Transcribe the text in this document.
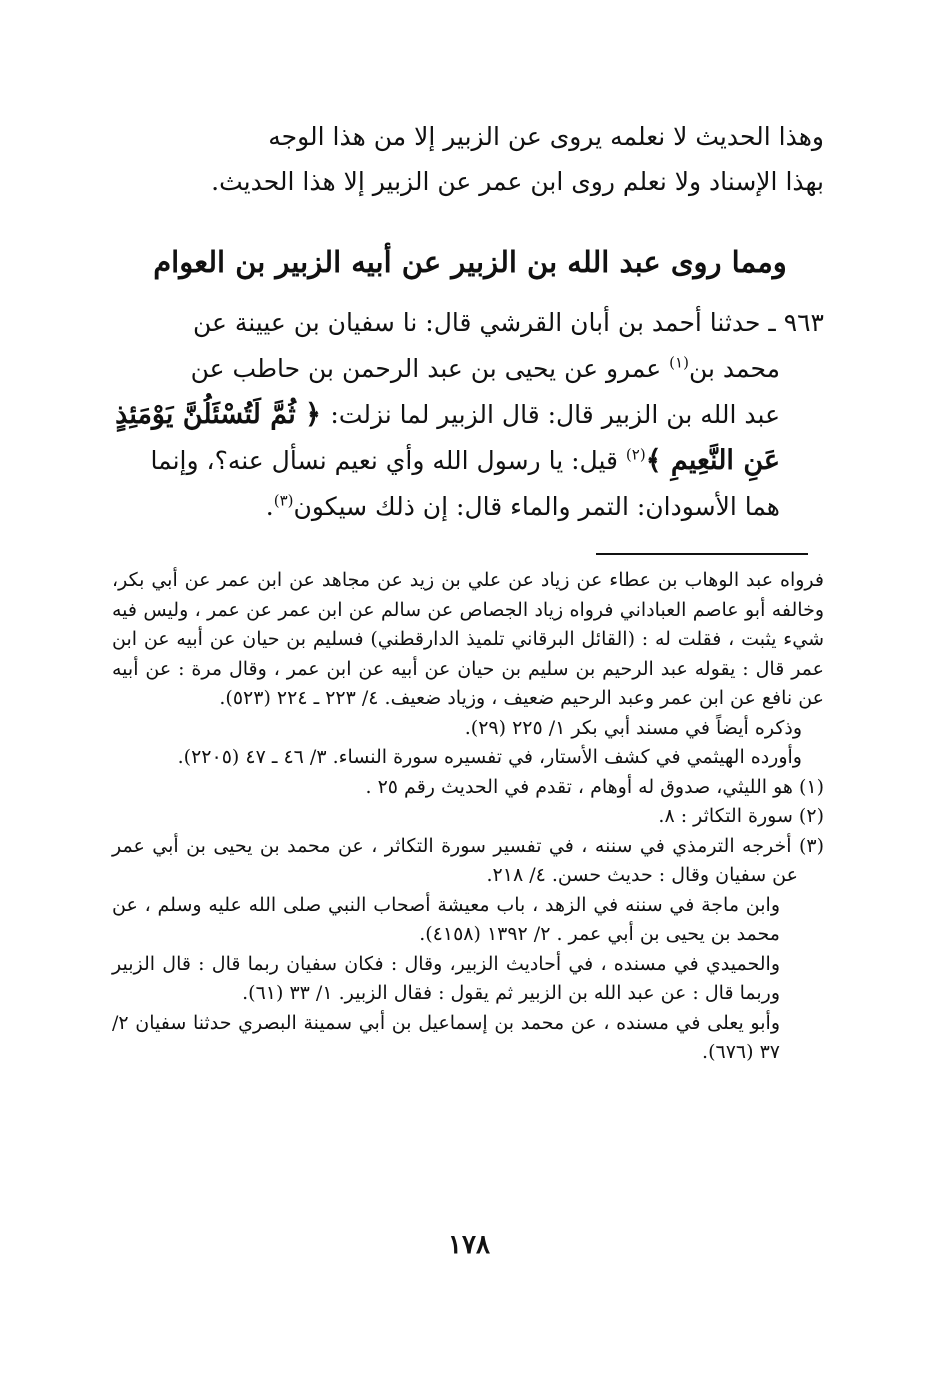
وهذا الحديث لا نعلمه يروى عن الزبير إلا من هذا الوجه

بهذا الإسناد ولا نعلم روى ابن عمر عن الزبير إلا هذا الحديث.

ومما روى عبد الله بن الزبير عن أبيه الزبير بن العوام

٩٦٣ ـ حدثنا أحمد بن أبان القرشي قال: نا سفيان بن عيينة عن

محمد بن$^{(١)}$ عمرو عن يحيى بن عبد الرحمن بن حاطب عن

عبد الله بن الزبير قال: قال الزبير لما نزلت: ﴿ ثُمَّ لَتُسْئَلُنَّ يَوْمَئِذٍ

عَنِ النَّعِيمِ ﴾$^{(٢)}$ قيل: يا رسول الله وأي نعيم نسأل عنه؟، وإنما

هما الأسودان: التمر والماء قال: إن ذلك سيكون$^{(٣)}$.

فرواه عبد الوهاب بن عطاء عن زياد عن علي بن زيد عن مجاهد عن ابن عمر عن أبي بكر، وخالفه أبو عاصم العباداني فرواه زياد الجصاص عن سالم عن ابن عمر عن عمر ، وليس فيه شيء يثبت ، فقلت له : (القائل البرقاني تلميذ الدارقطني) فسليم بن حيان عن أبيه عن ابن عمر قال : يقوله عبد الرحيم بن سليم بن حيان عن أبيه عن ابن عمر ، وقال مرة : عن أبيه عن نافع عن ابن عمر وعبد الرحيم ضعيف ، وزياد ضعيف. ٤/ ٢٢٣ ـ ٢٢٤ (٥٢٣).

وذكره أيضاً في مسند أبي بكر ١/ ٢٢٥ (٢٩).

وأورده الهيثمي في كشف الأستار، في تفسيره سورة النساء. ٣/ ٤٦ ـ ٤٧ (٢٢٠٥).

(١) هو الليثي، صدوق له أوهام ، تقدم في الحديث رقم ٢٥ .

(٢) سورة التكاثر : ٨.

(٣) أخرجه الترمذي في سننه ، في تفسير سورة التكاثر ، عن محمد بن يحيى بن أبي عمر عن سفيان وقال : حديث حسن. ٤/ ٢١٨.

وابن ماجة في سننه في الزهد ، باب معيشة أصحاب النبي صلى الله عليه وسلم ، عن محمد بن يحيى بن أبي عمر . ٢/ ١٣٩٢ (٤١٥٨).

والحميدي في مسنده ، في أحاديث الزبير، وقال : فكان سفيان ربما قال : قال الزبير وربما قال : عن عبد الله بن الزبير ثم يقول : فقال الزبير. ١/ ٣٣ (٦١).

وأبو يعلى في مسنده ، عن محمد بن إسماعيل بن أبي سمينة البصري حدثنا سفيان ٢/ ٣٧ (٦٧٦).

١٧٨
